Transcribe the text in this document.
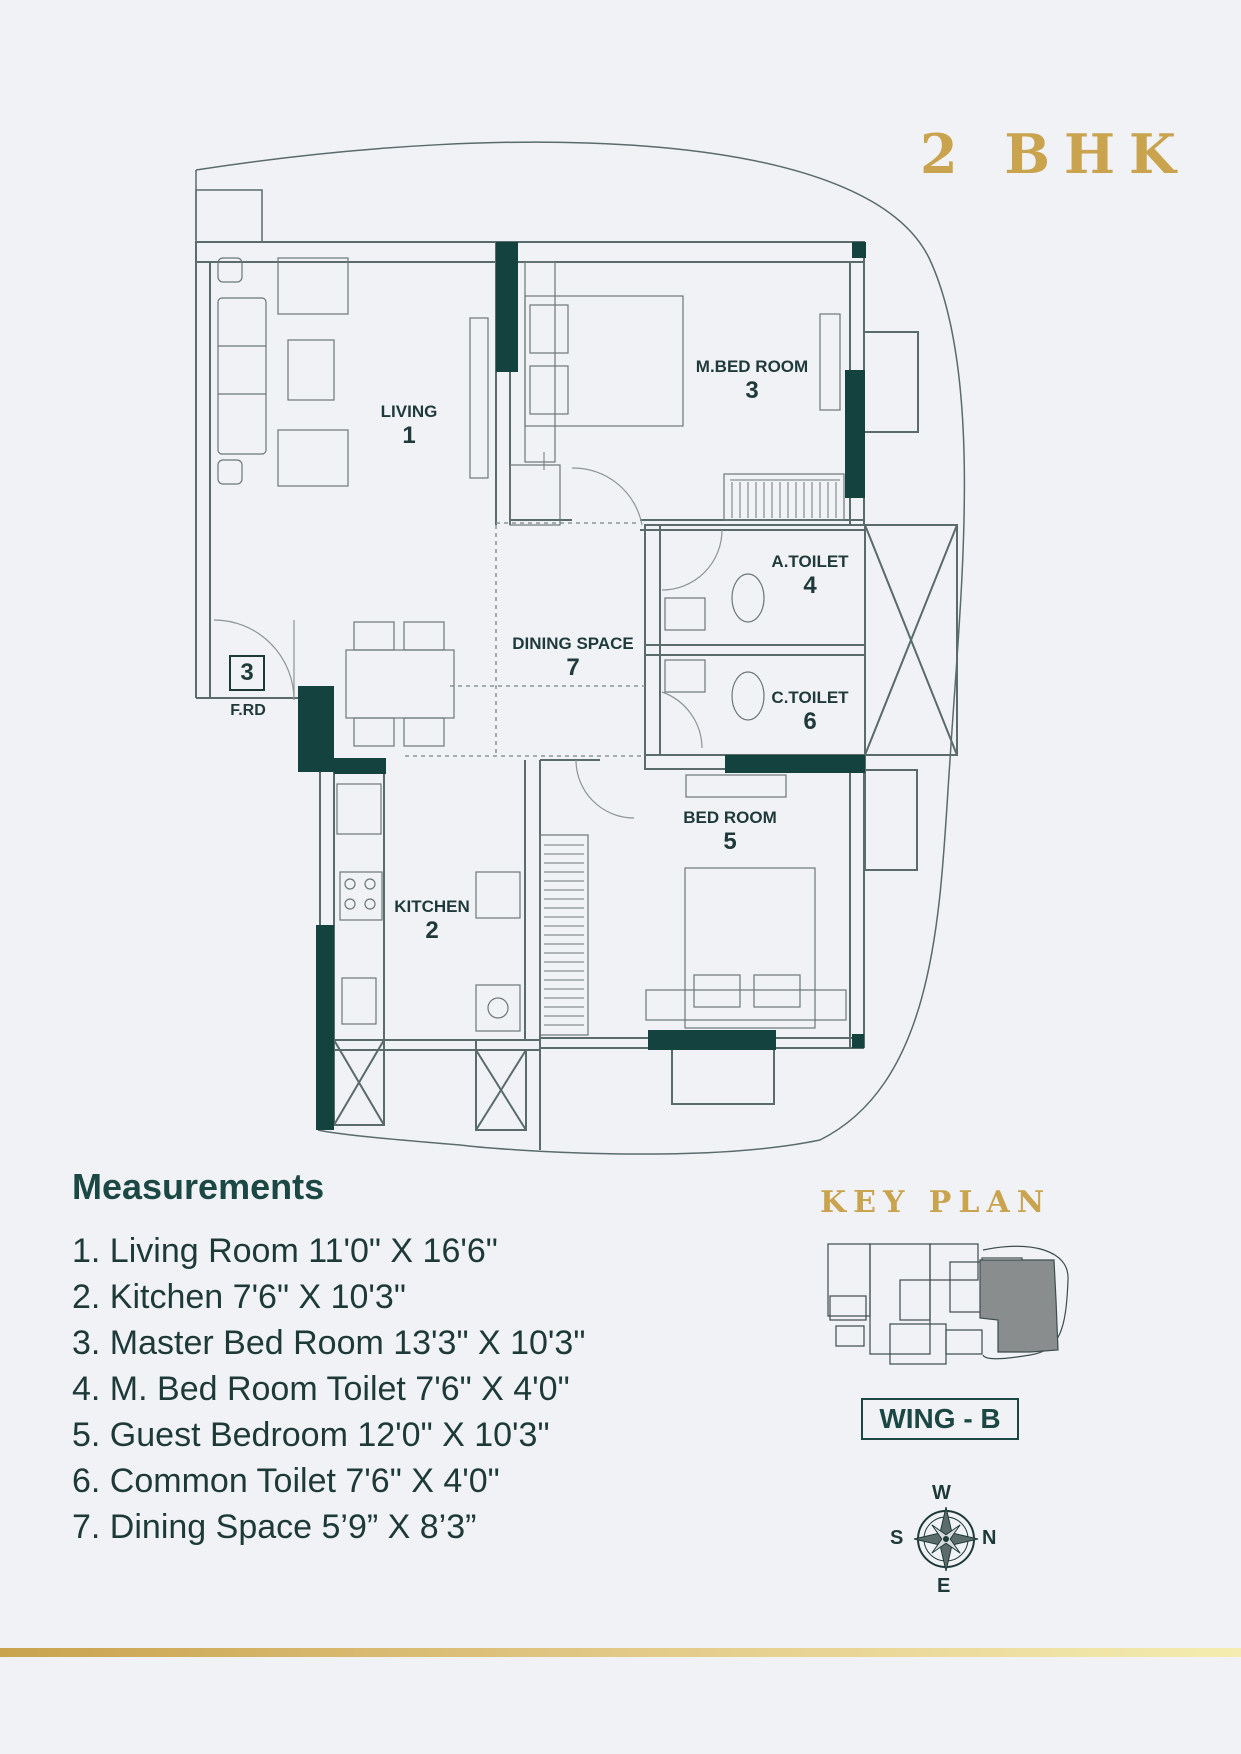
2 BHK
LIVING
1
KITCHEN
2
M.BED ROOM
3
A.TOILET
4
BED ROOM
5
C.TOILET
6
DINING SPACE
7
3
F.RD
Measurements
1. Living Room 11'0" X 16'6"
2. Kitchen 7'6" X 10'3"
3. Master Bed Room 13'3" X 10'3"
4. M. Bed Room Toilet 7'6" X 4'0"
5. Guest Bedroom 12'0" X 10'3"
6. Common Toilet 7'6" X 4'0"
7. Dining Space 5’9” X 8’3”
KEY PLAN
WING - B
W
S	N
E
